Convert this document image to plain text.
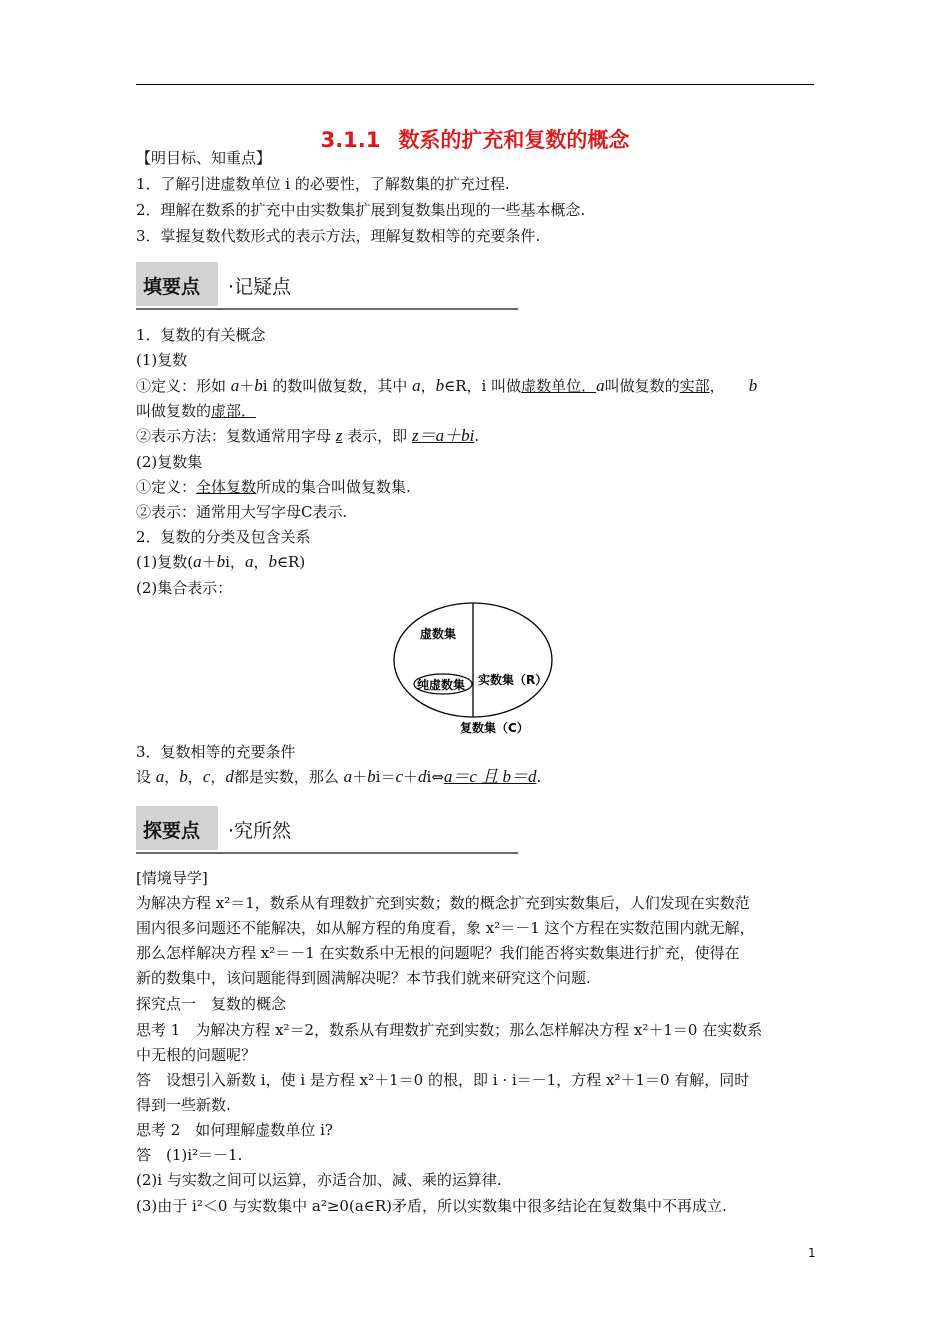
3.1.1 数系的扩充和复数的概念
【明目标、知重点】
1．了解引进虚数单位 i 的必要性，了解数集的扩充过程.
2．理解在数系的扩充中由实数集扩展到复数集出现的一些基本概念.
3．掌握复数代数形式的表示方法，理解复数相等的充要条件.
填要点 ·记疑点
1．复数的有关概念
(1)复数
①定义：形如 a＋bi 的数叫做复数，其中 a，b∈R，i 叫做虚数单位．a叫做复数的实部， b
叫做复数的虚部．
②表示方法：复数通常用字母 z 表示，即 z＝a＋bi.
(2)复数集
①定义：全体复数所成的集合叫做复数集.
②表示：通常用大写字母C表示.
2．复数的分类及包含关系
(1)复数(a＋bi，a，b∈R)
(2)集合表示：
虚数集
纯虚数集 实数集（R）
复数集（C）
3．复数相等的充要条件
设 a，b，c，d都是实数，那么 a＋bi＝c＋di⇔a＝c 且 b＝d.
探要点 ·究所然
[情境导学]
为解决方程 x²＝1，数系从有理数扩充到实数；数的概念扩充到实数集后，人们发现在实数范
围内很多问题还不能解决，如从解方程的角度看，象 x²＝－1 这个方程在实数范围内就无解，
那么怎样解决方程 x²＝－1 在实数系中无根的问题呢？我们能否将实数集进行扩充，使得在
新的数集中，该问题能得到圆满解决呢？本节我们就来研究这个问题.
探究点一　复数的概念
思考 1　为解决方程 x²＝2，数系从有理数扩充到实数；那么怎样解决方程 x²＋1＝0 在实数系
中无根的问题呢？
答　设想引入新数 i，使 i 是方程 x²＋1＝0 的根，即 i · i＝－1，方程 x²＋1＝0 有解，同时
得到一些新数.
思考 2　如何理解虚数单位 i?
答　(1)i²＝－1.
(2)i 与实数之间可以运算，亦适合加、减、乘的运算律.
(3)由于 i²＜0 与实数集中 a²≥0(a∈R)矛盾，所以实数集中很多结论在复数集中不再成立.
1
